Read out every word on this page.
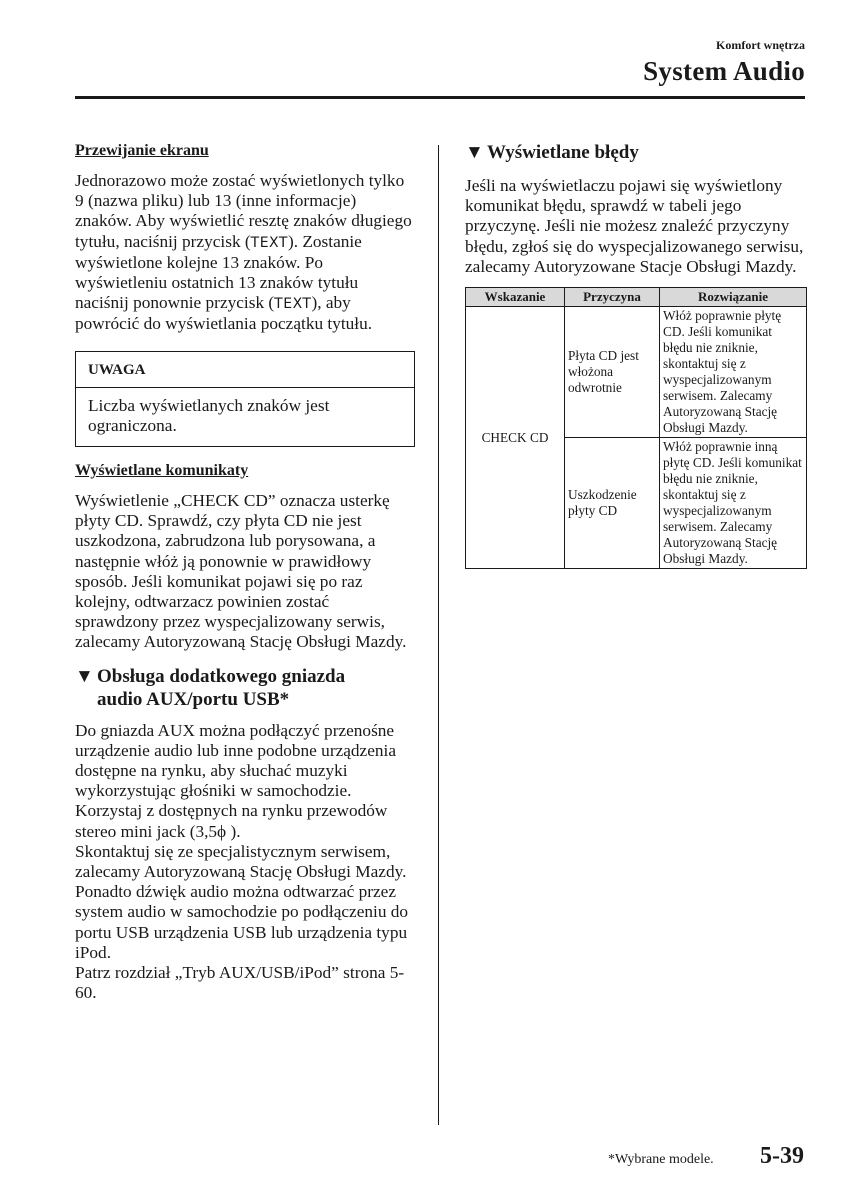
Komfort wnętrza
System Audio
Przewijanie ekranu

Jednorazowo może zostać wyświetlonych tylko 9 (nazwa pliku) lub 13 (inne informacje) znaków. Aby wyświetlić resztę znaków długiego tytułu, naciśnij przycisk (TEXT). Zostanie wyświetlone kolejne 13 znaków. Po wyświetleniu ostatnich 13 znaków tytułu naciśnij ponownie przycisk (TEXT), aby powrócić do wyświetlania początku tytułu.

UWAGA
Liczba wyświetlanych znaków jest ograniczona.
Wyświetlane komunikaty

Wyświetlenie „CHECK CD” oznacza usterkę płyty CD. Sprawdź, czy płyta CD nie jest uszkodzona, zabrudzona lub porysowana, a następnie włóż ją ponownie w prawidłowy sposób. Jeśli komunikat pojawi się po raz kolejny, odtwarzacz powinien zostać sprawdzony przez wyspecjalizowany serwis, zalecamy Autoryzowaną Stację Obsługi Mazdy.

▼ Obsługa dodatkowego gniazda
audio AUX/portu USB*

Do gniazda AUX można podłączyć przenośne urządzenie audio lub inne podobne urządzenia dostępne na rynku, aby słuchać muzyki wykorzystując głośniki w samochodzie.

Korzystaj z dostępnych na rynku przewodów stereo mini jack (3,5ϕ ).

Skontaktuj się ze specjalistycznym serwisem, zalecamy Autoryzowaną Stację Obsługi Mazdy.

Ponadto dźwięk audio można odtwarzać przez system audio w samochodzie po podłączeniu do portu USB urządzenia USB lub urządzenia typu iPod.

Patrz rozdział „Tryb AUX/USB/iPod” strona 5-60.

▼ Wyświetlane błędy

Jeśli na wyświetlaczu pojawi się wyświetlony komunikat błędu, sprawdź w tabeli jego przyczynę. Jeśli nie możesz znaleźć przyczyny błędu, zgłoś się do wyspecjalizowanego serwisu, zalecamy Autoryzowane Stacje Obsługi Mazdy.

Wskazanie	Przyczyna	Rozwiązanie
CHECK CD	Płyta CD jest włożona odwrotnie	Włóż poprawnie płytę CD. Jeśli komunikat błędu nie zniknie, skontaktuj się z wyspecjalizowanym serwisem. Zalecamy Autoryzowaną Stację Obsługi Mazdy.
	Uszkodzenie płyty CD	Włóż poprawnie inną płytę CD. Jeśli komunikat błędu nie zniknie, skontaktuj się z wyspecjalizowanym serwisem. Zalecamy Autoryzowaną Stację Obsługi Mazdy.
*Wybrane modele. 5-39
